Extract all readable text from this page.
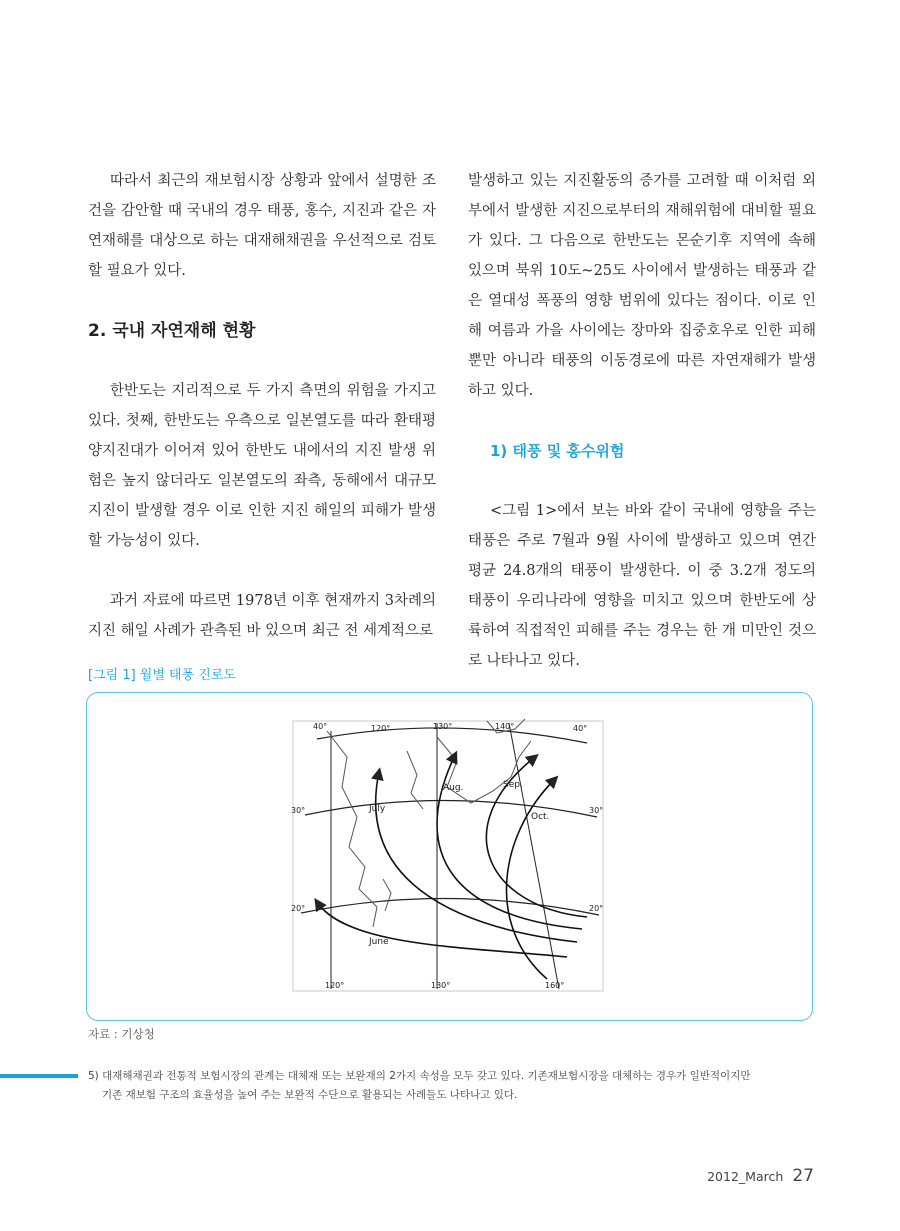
따라서 최근의 재보험시장 상황과 앞에서 설명한 조건을 감안할 때 국내의 경우 태풍, 홍수, 지진과 같은 자연재해를 대상으로 하는 대재해채권을 우선적으로 검토할 필요가 있다.

2. 국내 자연재해 현황

한반도는 지리적으로 두 가지 측면의 위험을 가지고 있다. 첫째, 한반도는 우측으로 일본열도를 따라 환태평양지진대가 이어져 있어 한반도 내에서의 지진 발생 위험은 높지 않더라도 일본열도의 좌측, 동해에서 대규모 지진이 발생할 경우 이로 인한 지진 해일의 피해가 발생할 가능성이 있다.

과거 자료에 따르면 1978년 이후 현재까지 3차례의 지진 해일 사례가 관측된 바 있으며 최근 전 세계적으로

발생하고 있는 지진활동의 증가를 고려할 때 이처럼 외부에서 발생한 지진으로부터의 재해위험에 대비할 필요가 있다. 그 다음으로 한반도는 몬순기후 지역에 속해 있으며 북위 10도~25도 사이에서 발생하는 태풍과 같은 열대성 폭풍의 영향 범위에 있다는 점이다. 이로 인해 여름과 가을 사이에는 장마와 집중호우로 인한 피해뿐만 아니라 태풍의 이동경로에 따른 자연재해가 발생하고 있다.

1) 태풍 및 홍수위험

<그림 1>에서 보는 바와 같이 국내에 영향을 주는 태풍은 주로 7월과 9월 사이에 발생하고 있으며 연간 평균 24.8개의 태풍이 발생한다. 이 중 3.2개 정도의 태풍이 우리나라에 영향을 미치고 있으며 한반도에 상륙하여 직접적인 피해를 주는 경우는 한 개 미만인 것으로 나타나고 있다.

[그림 1] 월별 태풍 진로도
40°	120°	130°	140°	40°
120°	130°	160°
30°
20°
30°
20°
July
Aug.	Sep.
Oct.
June
자료 : 기상청
5) 대재해채권과 전통적 보험시장의 관계는 대체재 또는 보완재의 2가지 속성을 모두 갖고 있다. 기존재보험시장을 대체하는 경우가 일반적이지만
기존 재보험 구조의 효율성을 높여 주는 보완적 수단으로 활용되는 사례들도 나타나고 있다.
2012_March 27
